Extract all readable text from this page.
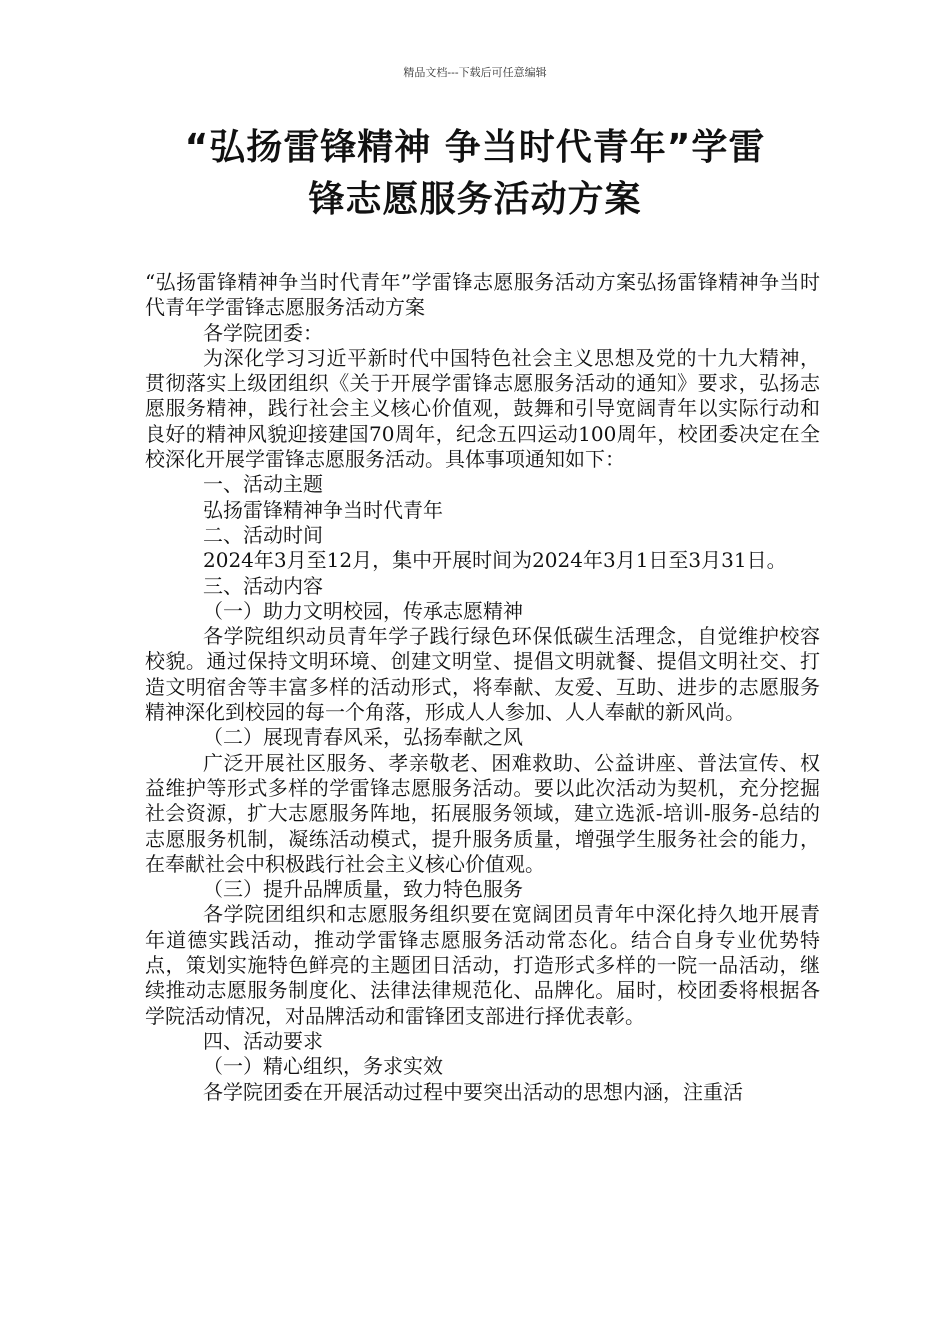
精品文档---下载后可任意编辑
“弘扬雷锋精神 争当时代青年”学雷
锋志愿服务活动方案

“弘扬雷锋精神争当时代青年”学雷锋志愿服务活动方案弘扬雷锋精神争当时代青年学雷锋志愿服务活动方案

各学院团委：

为深化学习习近平新时代中国特色社会主义思想及党的十九大精神，贯彻落实上级团组织《关于开展学雷锋志愿服务活动的通知》要求，弘扬志愿服务精神，践行社会主义核心价值观，鼓舞和引导宽阔青年以实际行动和良好的精神风貌迎接建国70周年，纪念五四运动100周年，校团委决定在全校深化开展学雷锋志愿服务活动。具体事项通知如下：

一、活动主题

弘扬雷锋精神争当时代青年

二、活动时间

2024年3月至12月，集中开展时间为2024年3月1日至3月31日。

三、活动内容

（一）助力文明校园，传承志愿精神

各学院组织动员青年学子践行绿色环保低碳生活理念，自觉维护校容校貌。通过保持文明环境、创建文明堂、提倡文明就餐、提倡文明社交、打造文明宿舍等丰富多样的活动形式，将奉献、友爱、互助、进步的志愿服务精神深化到校园的每一个角落，形成人人参加、人人奉献的新风尚。

（二）展现青春风采，弘扬奉献之风

广泛开展社区服务、孝亲敬老、困难救助、公益讲座、普法宣传、权益维护等形式多样的学雷锋志愿服务活动。要以此次活动为契机，充分挖掘社会资源，扩大志愿服务阵地，拓展服务领域，建立选派-培训-服务-总结的志愿服务机制，凝练活动模式，提升服务质量，增强学生服务社会的能力，在奉献社会中积极践行社会主义核心价值观。

（三）提升品牌质量，致力特色服务

各学院团组织和志愿服务组织要在宽阔团员青年中深化持久地开展青年道德实践活动，推动学雷锋志愿服务活动常态化。结合自身专业优势特点，策划实施特色鲜亮的主题团日活动，打造形式多样的一院一品活动，继续推动志愿服务制度化、法律法律规范化、品牌化。届时，校团委将根据各学院活动情况，对品牌活动和雷锋团支部进行择优表彰。

四、活动要求

（一）精心组织，务求实效

各学院团委在开展活动过程中要突出活动的思想内涵，注重活
